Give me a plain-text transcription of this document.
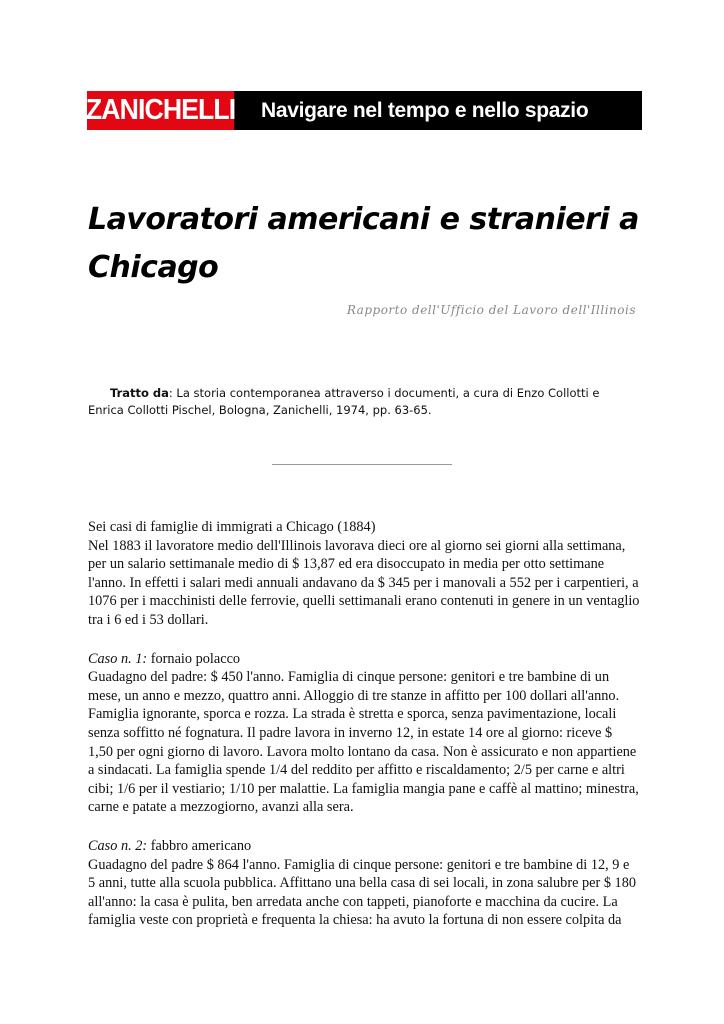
ZANICHELLI Navigare nel tempo e nello spazio
Lavoratori americani e stranieri a Chicago

Rapporto dell'Ufficio del Lavoro dell'Illinois

Tratto da: La storia contemporanea attraverso i documenti, a cura di Enzo Collotti e Enrica Collotti Pischel, Bologna, Zanichelli, 1974, pp. 63-65.

Sei casi di famiglie di immigrati a Chicago (1884)
Nel 1883 il lavoratore medio dell'Illinois lavorava dieci ore al giorno sei giorni alla settimana, per un salario settimanale medio di $ 13,87 ed era disoccupato in media per otto settimane l'anno. In effetti i salari medi annuali andavano da $ 345 per i manovali a 552 per i carpentieri, a 1076 per i macchinisti delle ferrovie, quelli settimanali erano contenuti in genere in un ventaglio tra i 6 ed i 53 dollari.

Caso n. 1: fornaio polacco
Guadagno del padre: $ 450 l'anno. Famiglia di cinque persone: genitori e tre bambine di un mese, un anno e mezzo, quattro anni. Alloggio di tre stanze in affitto per 100 dollari all'anno. Famiglia ignorante, sporca e rozza. La strada è stretta e sporca, senza pavimentazione, locali senza soffitto né fognatura. Il padre lavora in inverno 12, in estate 14 ore al giorno: riceve $ 1,50 per ogni giorno di lavoro. Lavora molto lontano da casa. Non è assicurato e non appartiene a sindacati. La famiglia spende 1/4 del reddito per affitto e riscaldamento; 2/5 per carne e altri cibi; 1/6 per il vestiario; 1/10 per malattie. La famiglia mangia pane e caffè al mattino; minestra, carne e patate a mezzogiorno, avanzi alla sera.

Caso n. 2: fabbro americano
Guadagno del padre $ 864 l'anno. Famiglia di cinque persone: genitori e tre bambine di 12, 9 e 5 anni, tutte alla scuola pubblica. Affittano una bella casa di sei locali, in zona salubre per $ 180 all'anno: la casa è pulita, ben arredata anche con tappeti, pianoforte e macchina da cucire. La famiglia veste con proprietà e frequenta la chiesa: ha avuto la fortuna di non essere colpita da
